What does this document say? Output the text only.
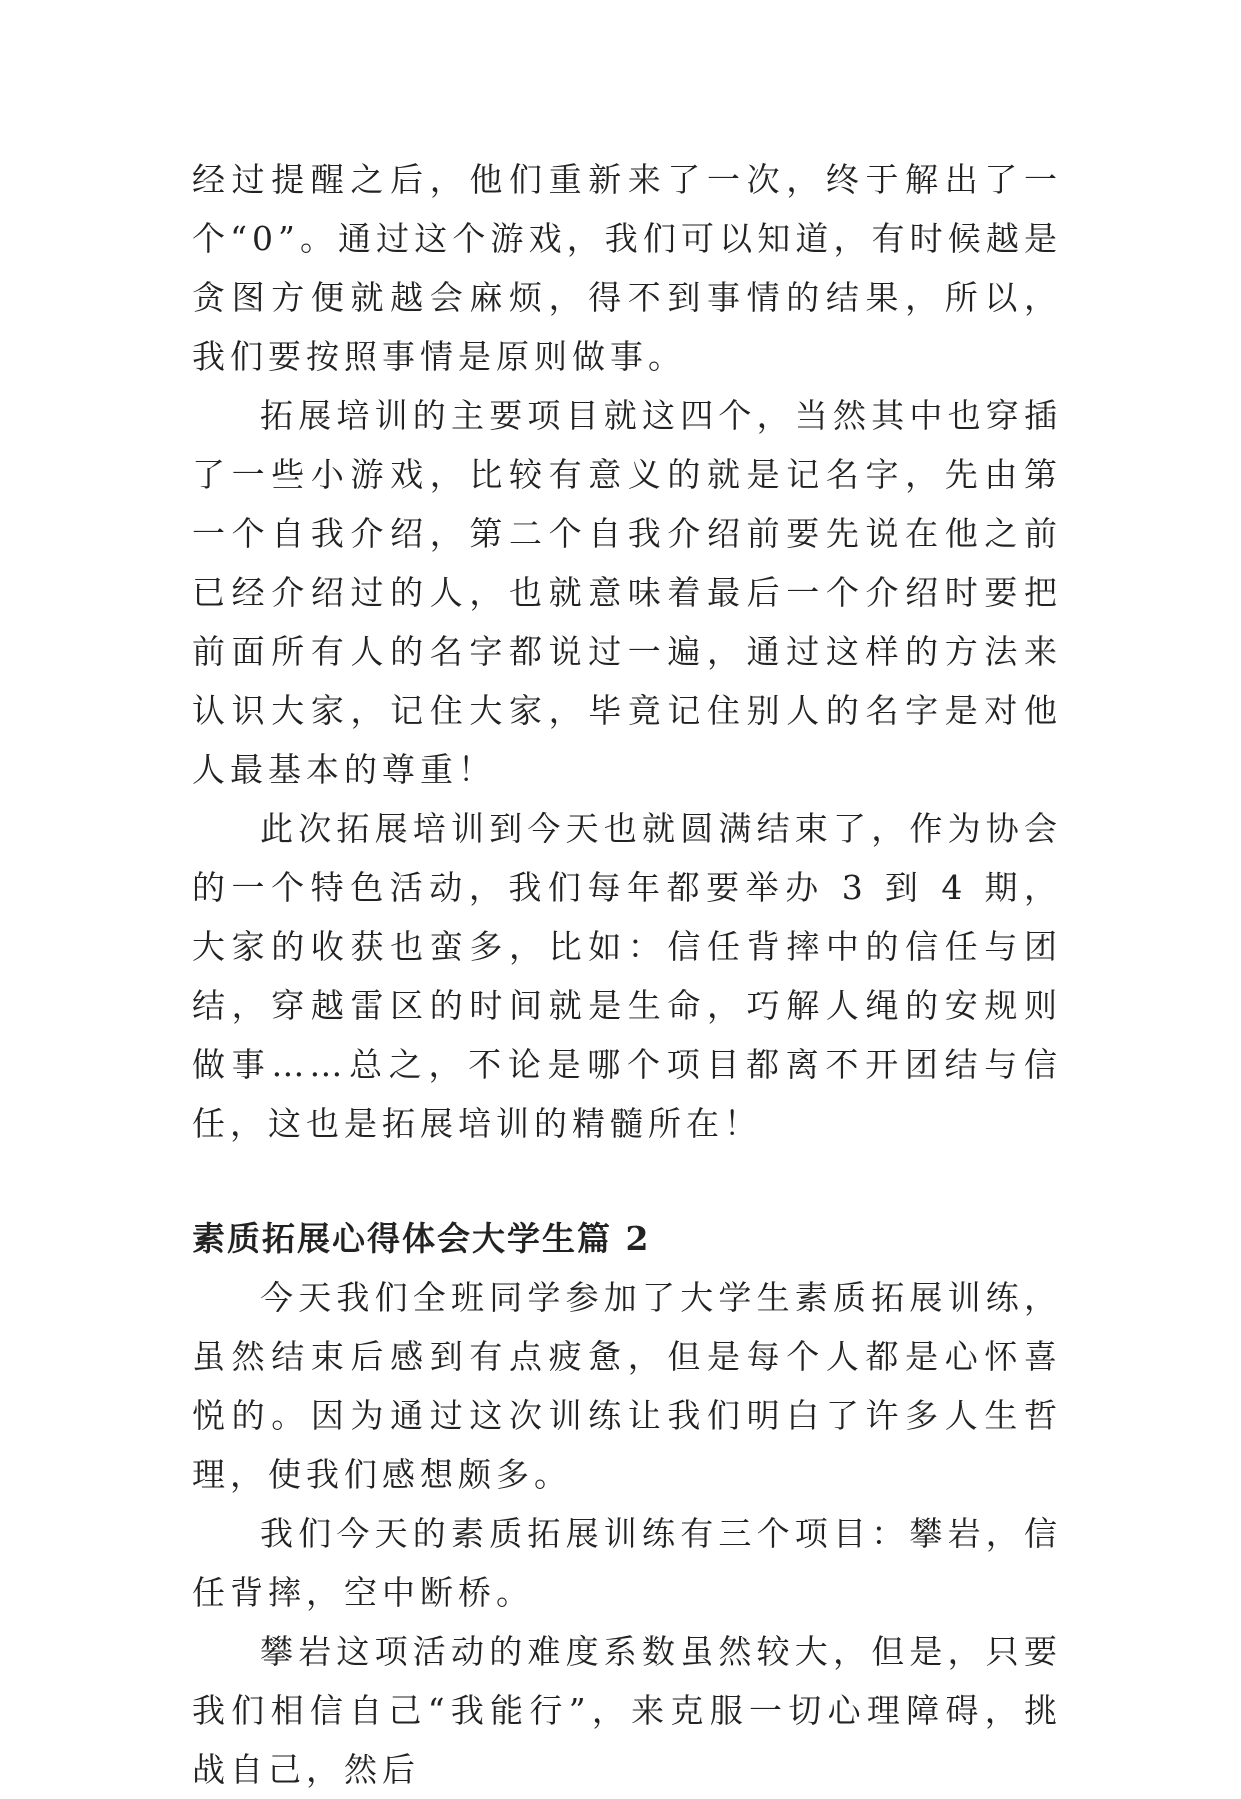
经过提醒之后，他们重新来了一次，终于解出了一个“0”。通过这个游戏，我们可以知道，有时候越是贪图方便就越会麻烦，得不到事情的结果，所以，我们要按照事情是原则做事。

拓展培训的主要项目就这四个，当然其中也穿插了一些小游戏，比较有意义的就是记名字，先由第一个自我介绍，第二个自我介绍前要先说在他之前已经介绍过的人，也就意味着最后一个介绍时要把前面所有人的名字都说过一遍，通过这样的方法来认识大家，记住大家，毕竟记住别人的名字是对他人最基本的尊重！

此次拓展培训到今天也就圆满结束了，作为协会的一个特色活动，我们每年都要举办 3 到 4 期，大家的收获也蛮多，比如：信任背摔中的信任与团结，穿越雷区的时间就是生命，巧解人绳的安规则做事……总之，不论是哪个项目都离不开团结与信任，这也是拓展培训的精髓所在！

素质拓展心得体会大学生篇 2

今天我们全班同学参加了大学生素质拓展训练，虽然结束后感到有点疲惫，但是每个人都是心怀喜悦的。因为通过这次训练让我们明白了许多人生哲理，使我们感想颇多。

我们今天的素质拓展训练有三个项目：攀岩，信任背摔，空中断桥。

攀岩这项活动的难度系数虽然较大，但是，只要我们相信自己“我能行”，来克服一切心理障碍，挑战自己，然后
